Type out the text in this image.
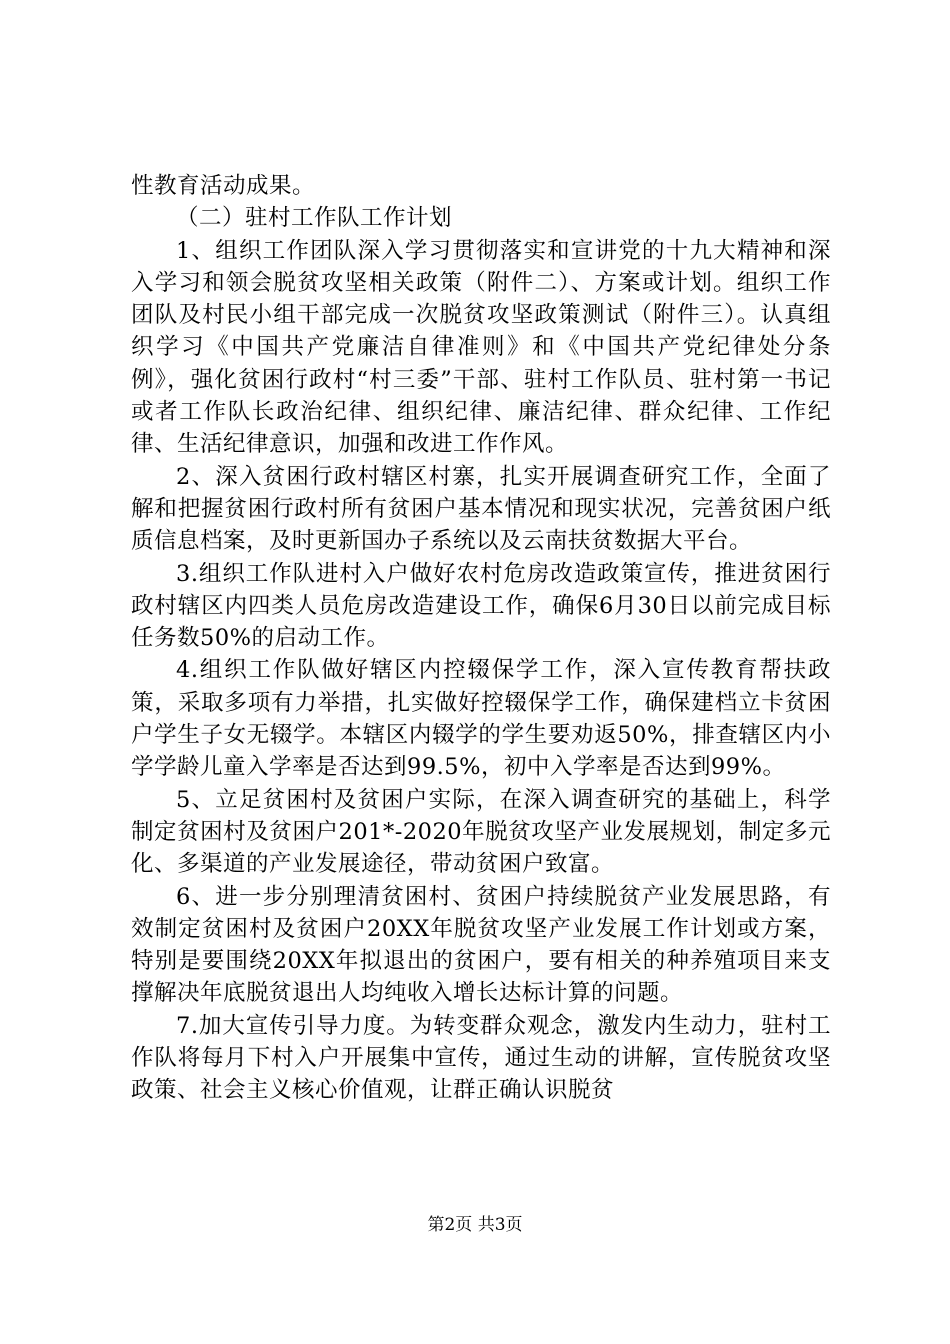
性教育活动成果。

（二）驻村工作队工作计划

1、组织工作团队深入学习贯彻落实和宣讲党的十九大精神和深入学习和领会脱贫攻坚相关政策（附件二）、方案或计划。组织工作团队及村民小组干部完成一次脱贫攻坚政策测试（附件三）。认真组织学习《中国共产党廉洁自律准则》和《中国共产党纪律处分条例》，强化贫困行政村“村三委”干部、驻村工作队员、驻村第一书记或者工作队长政治纪律、组织纪律、廉洁纪律、群众纪律、工作纪律、生活纪律意识，加强和改进工作作风。

2、深入贫困行政村辖区村寨，扎实开展调查研究工作，全面了解和把握贫困行政村所有贫困户基本情况和现实状况，完善贫困户纸质信息档案，及时更新国办子系统以及云南扶贫数据大平台。

3.组织工作队进村入户做好农村危房改造政策宣传，推进贫困行政村辖区内四类人员危房改造建设工作，确保6月30日以前完成目标任务数50%的启动工作。

4.组织工作队做好辖区内控辍保学工作，深入宣传教育帮扶政策，采取多项有力举措，扎实做好控辍保学工作，确保建档立卡贫困户学生子女无辍学。本辖区内辍学的学生要劝返50%，排查辖区内小学学龄儿童入学率是否达到99.5%，初中入学率是否达到99%。

5、立足贫困村及贫困户实际，在深入调查研究的基础上，科学制定贫困村及贫困户201*-2020年脱贫攻坚产业发展规划，制定多元化、多渠道的产业发展途径，带动贫困户致富。

6、进一步分别理清贫困村、贫困户持续脱贫产业发展思路，有效制定贫困村及贫困户20XX年脱贫攻坚产业发展工作计划或方案，特别是要围绕20XX年拟退出的贫困户，要有相关的种养殖项目来支撑解决年底脱贫退出人均纯收入增长达标计算的问题。

7.加大宣传引导力度。为转变群众观念，激发内生动力，驻村工作队将每月下村入户开展集中宣传，通过生动的讲解，宣传脱贫攻坚政策、社会主义核心价值观，让群正确认识脱贫

第2页 共3页
